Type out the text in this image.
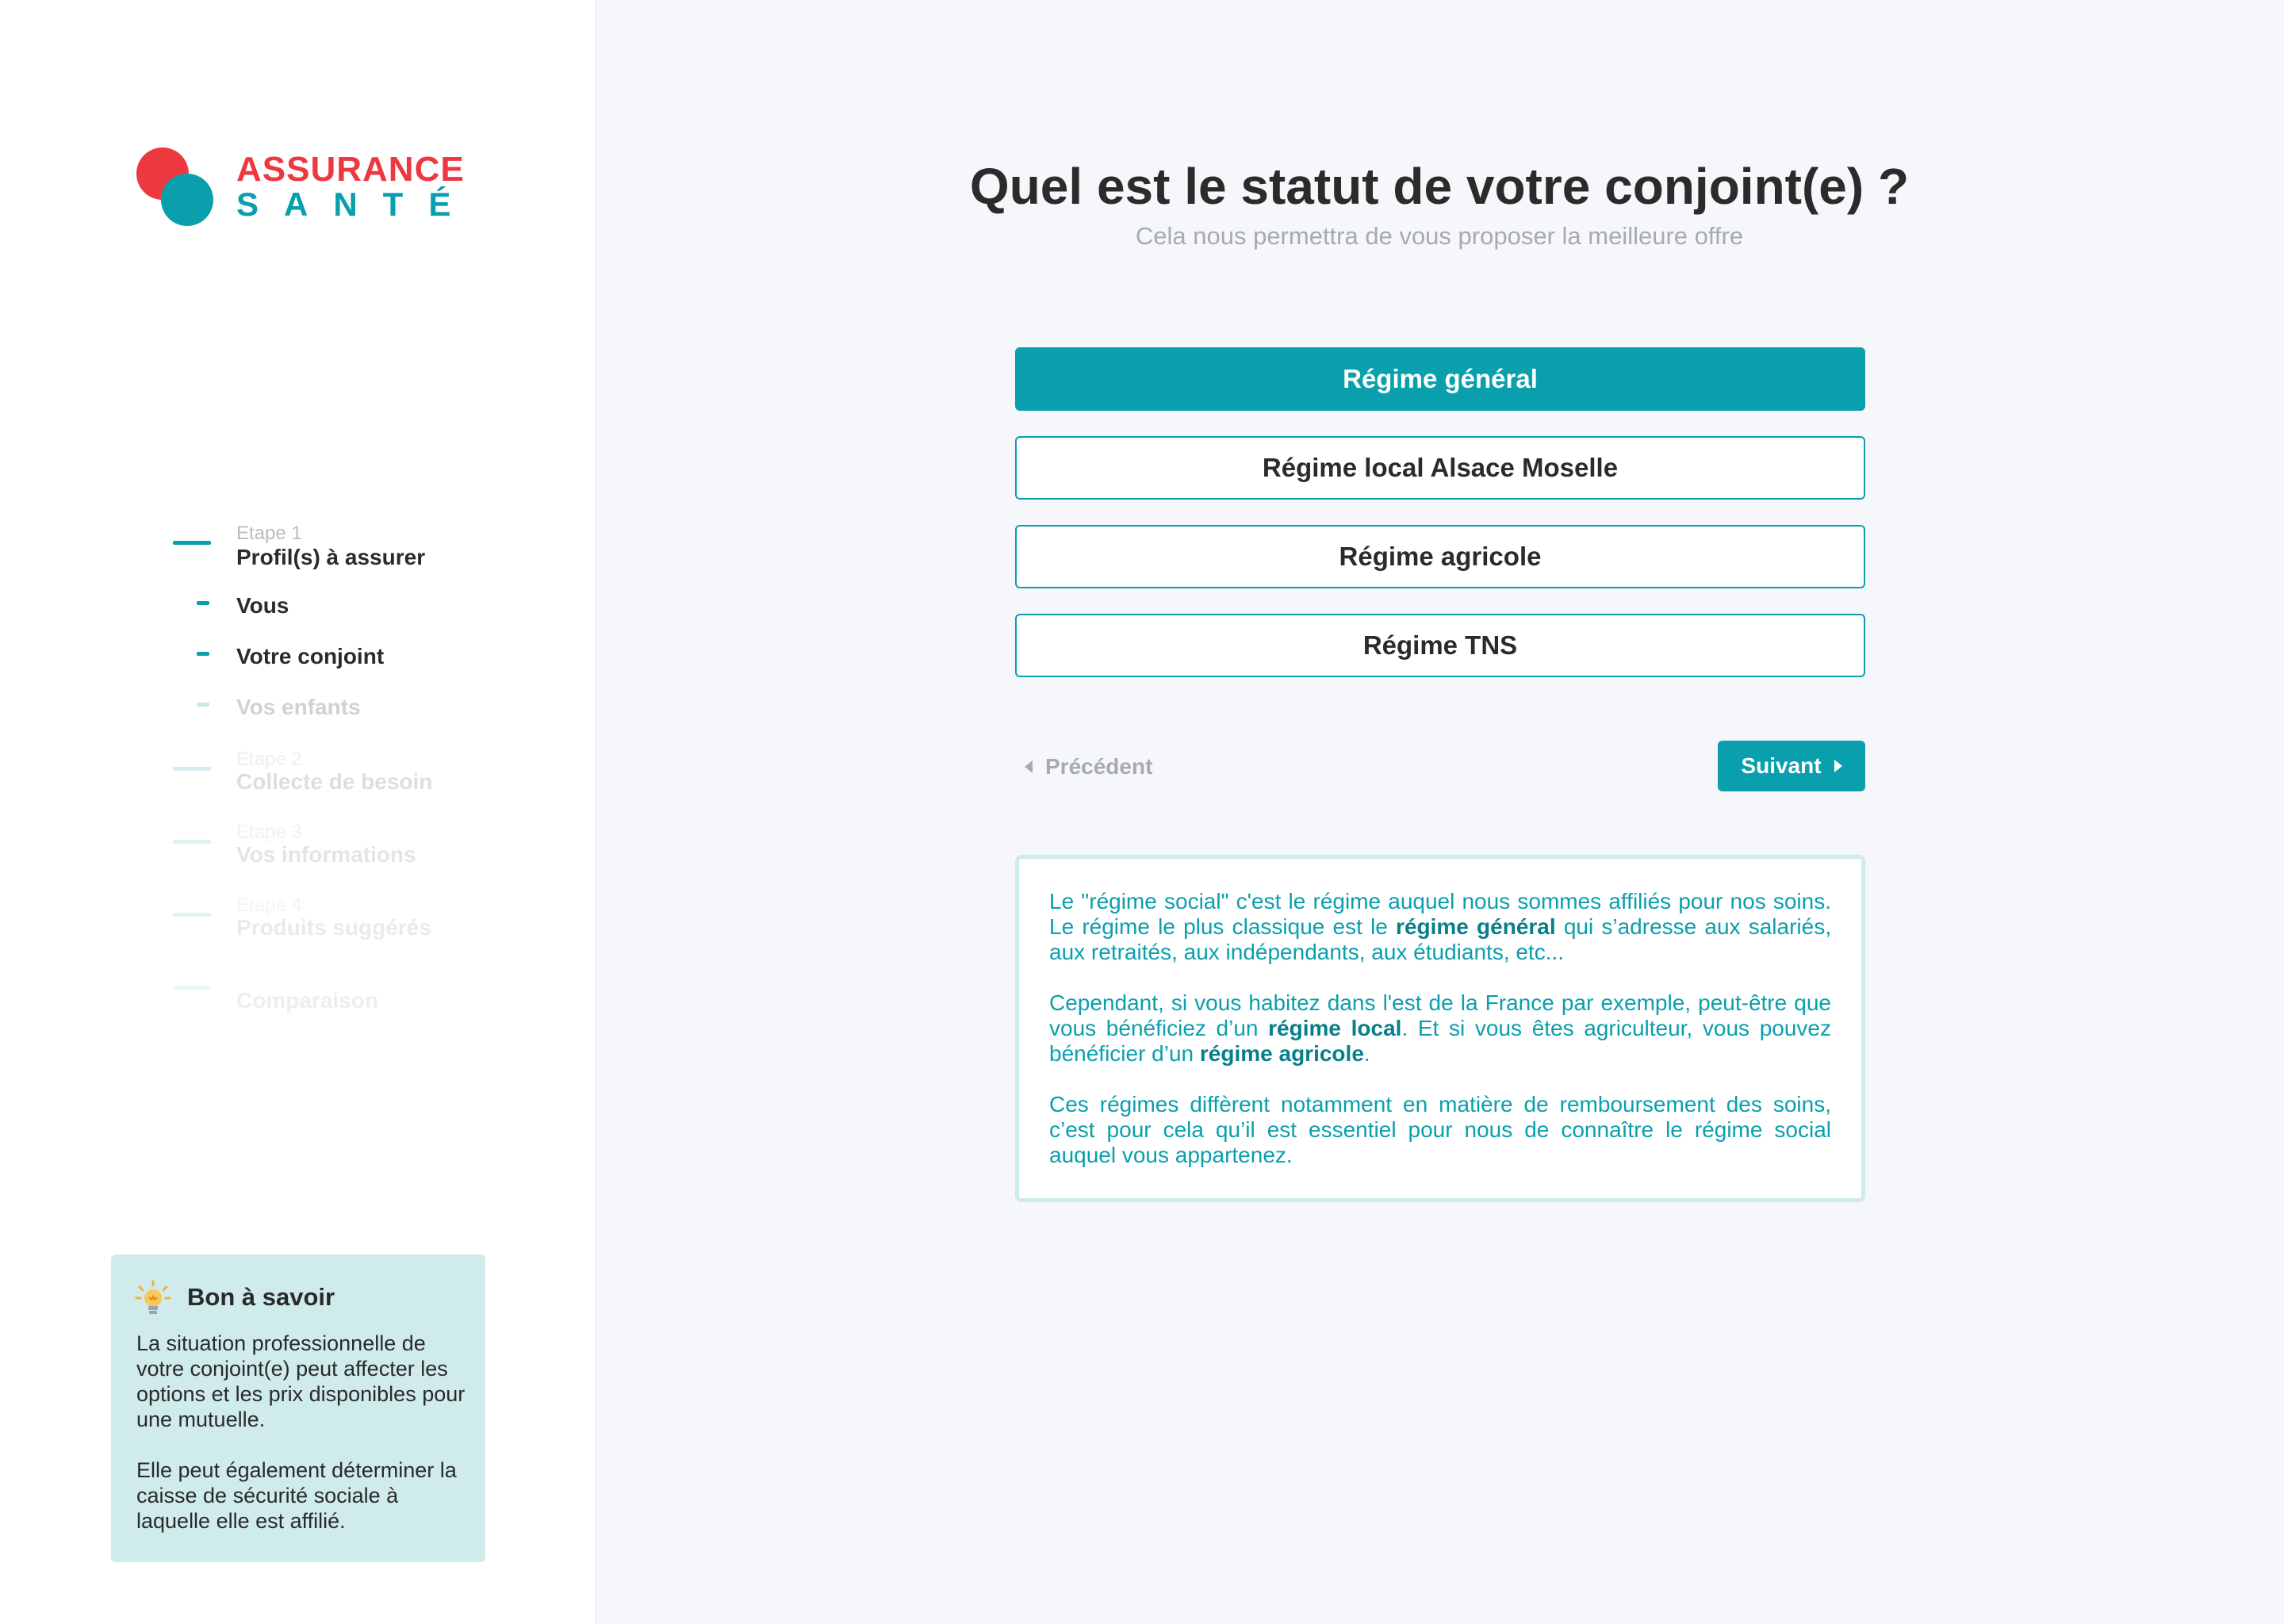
ASSURANCE
SANTÉ
Etape 1
Profil(s) à assurer
Vous
Votre conjoint
Vos enfants
Etape 2
Collecte de besoin
Etape 3
Vos informations
Etape 4
Produits suggérés
Comparaison
Bon à savoir

La situation professionnelle de votre conjoint(e) peut affecter les options et les prix disponibles pour une mutuelle.

Elle peut également déterminer la caisse de sécurité sociale à laquelle elle est affilié.

Quel est le statut de votre conjoint(e) ?
Cela nous permettra de vous proposer la meilleure offre
Régime général
Régime local Alsace Moselle
Régime agricole
Régime TNS
Précédent	Suivant

Le "régime social" c'est le régime auquel nous sommes affiliés pour nos soins. Le régime le plus classique est le régime général qui s’adresse aux salariés, aux retraités, aux indépendants, aux étudiants, etc...

Cependant, si vous habitez dans l'est de la France par exemple, peut-être que vous bénéficiez d’un régime local. Et si vous êtes agriculteur, vous pouvez bénéficier d’un régime agricole.

Ces régimes diffèrent notamment en matière de remboursement des soins, c’est pour cela qu’il est essentiel pour nous de connaître le régime social auquel vous appartenez.
